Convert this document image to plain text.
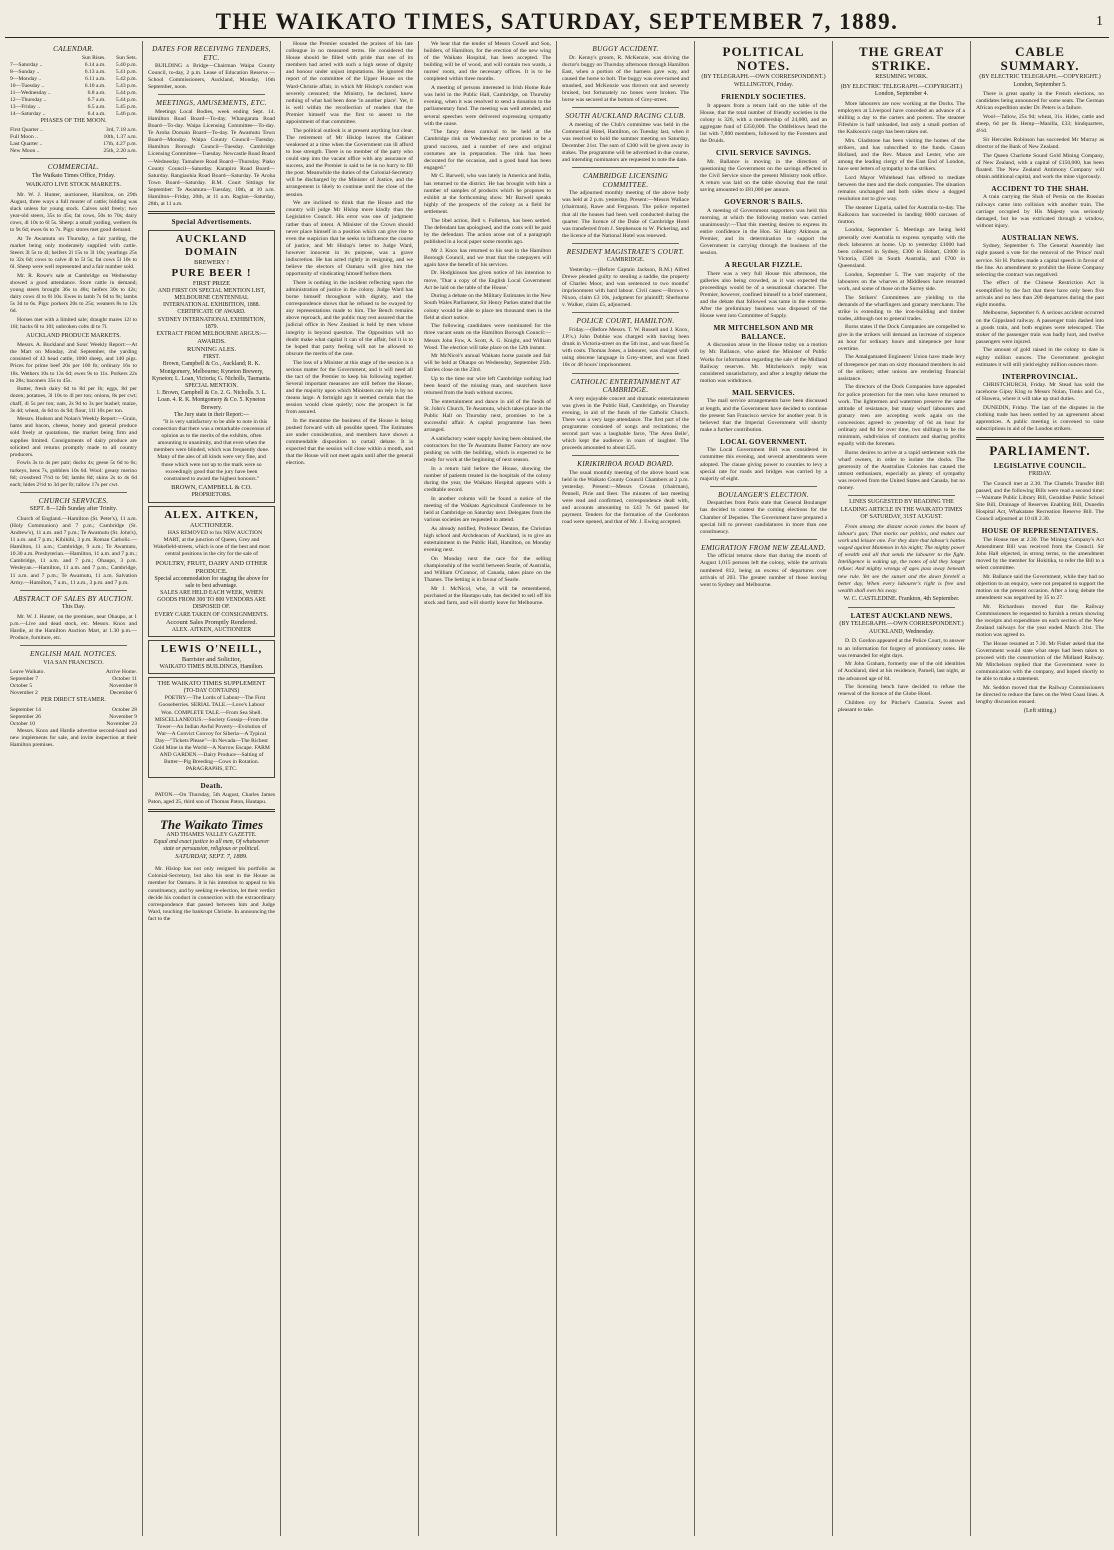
THE WAIKATO TIMES, SATURDAY, SEPTEMBER 7, 1889.	1
CALENDAR.
	Sun Rises.	Sun Sets.
7—Saturday ..	6.14 a.m.	5.40 p.m.
8—Sunday ..	6.13 a.m.	5.41 p.m.
9—Monday ..	6.11 a.m.	5.42 p.m.
10—Tuesday ..	6.10 a.m.	5.43 p.m.
11—Wednesday ..	6.8 a.m.	5.44 p.m.
12—Thursday ..	6.7 a.m.	5.44 p.m.
13—Friday ..	6.5 a.m.	5.45 p.m.
14—Saturday ..	6.4 a.m.	5.46 p.m.
PHASES OF THE MOON.
First Quarter ..	3rd, 7.18 a.m.
Full Moon ..	10th, 1.37 a.m.
Last Quarter ..	17th, 4.27 p.m.
New Moon ..	25th, 2.20 a.m.
COMMERCIAL.
The Waikato Times Office, Friday.
WAIKATO LIVE STOCK MARKETS.

Mr. W. J. Hunter, auctioneer, Hamilton, on 29th August, three ways a full muster of cattle; bidding was slack unless for young stock. Calves sold freely; two year-old steers, 35s to 45s; fat cows, 50s to 70s; dairy cows, 4l 10s to 6l 5s. Sheep: a small yarding, wethers 8s to 9s 6d; ewes 6s to 7s. Pigs: stores met good demand.

At Te Awamutu on Thursday, a fair yarding, the market being only moderately supplied with cattle. Steers 3l 5s to 4l; heifers 2l 15s to 3l 10s; yearlings 25s to 32s 6d; cows to calve 4l to 5l 5s; fat cows 5l 10s to 6l. Sheep were well represented and a fair number sold.

Mr. R. Rowe's sale at Cambridge on Wednesday showed a good attendance. Store cattle in demand; young steers brought 36s to 48s; heifers 30s to 42s; dairy cows 4l to 6l 10s. Ewes in lamb 7s 6d to 9s; lambs 5s 3d to 6s. Pigs: porkers 20s to 25s; weaners 8s to 12s 6d.

Horses met with a limited sale; draught mares 12l to 16l; hacks 6l to 10l; unbroken colts 4l to 7l.

AUCKLAND PRODUCE MARKETS.

Messrs. A. Buckland and Sons' Weekly Report:—At the Mart on Monday, 2nd September, the yarding consisted of 43 head cattle, 1000 sheep, and 140 pigs. Prices for prime beef 20s per 100 lb; ordinary 16s to 18s. Wethers 10s to 13s 6d; ewes 9s to 11s. Porkers 22s to 28s; baconers 35s to 45s.

Butter, fresh dairy 6d to 8d per lb; eggs, 8d per dozen; potatoes, 3l 10s to 4l per ton; onions, 8s per cwt; chaff, 4l 5s per ton; oats, 2s 9d to 3s per bushel; maize, 3s 4d; wheat, 4s 6d to 4s 9d; flour, 11l 10s per ton.

Messrs. Hudson and Nolan's Weekly Report:—Grain, hams and bacon, cheese, honey and general produce sold freely at quotations, the market being firm and supplies limited. Consignments of dairy produce are solicited and returns promptly made to all country producers.

Fowls 3s to 4s per pair; ducks 4s; geese 5s 6d to 6s; turkeys, hens 7s, gobblers 10s 6d. Wool: greasy merino 8d; crossbred 7½d to 9d; lambs 8d; skins 2s to 4s 6d each; hides 2½d to 3d per lb; tallow 17s per cwt.

CHURCH SERVICES.
SEPT. 8—12th Sunday after Trinity.

Church of England.—Hamilton (St. Peter's), 11 a.m. (Holy Communion) and 7 p.m.; Cambridge (St. Andrew's), 11 a.m. and 7 p.m.; Te Awamutu (St. John's), 11 a.m. and 7 p.m.; Kihikihi, 3 p.m. Roman Catholic.—Hamilton, 11 a.m.; Cambridge, 9 a.m.; Te Awamutu, 10.30 a.m. Presbyterian.—Hamilton, 11 a.m. and 7 p.m.; Cambridge, 11 a.m. and 7 p.m.; Ohaupo, 3 p.m. Wesleyan.—Hamilton, 11 a.m. and 7 p.m.; Cambridge, 11 a.m. and 7 p.m.; Te Awamutu, 11 a.m. Salvation Army.—Hamilton, 7 a.m., 11 a.m., 3 p.m. and 7 p.m.

ABSTRACT OF SALES BY AUCTION.
This Day.

Mr. W. J. Hunter, on the premises, near Ohaupo, at 1 p.m.—Live and dead stock, etc. Messrs. Knox and Hardie, at the Hamilton Auction Mart, at 1.30 p.m.—Produce, furniture, etc.

ENGLISH MAIL NOTICES.
VIA SAN FRANCISCO.
Leave Waikato.	Arrive Home.
September 7	October 11
October 5	November 8
November 2	December 6
PER DIRECT STEAMER.
September 14	October 28
September 26	November 9
October 10	November 23

Messrs. Knox and Hardie advertise second-hand and new implements for sale, and invite inspection at their Hamilton premises.

DATES FOR RECEIVING TENDERS, ETC.

BUILDING a Bridge—Chairman Waipa County Council, to-day, 2 p.m. Lease of Education Reserve.—School Commissioners, Auckland, Monday, 16th September, noon.

MEETINGS, AMUSEMENTS, ETC.

Meetings Local Bodies, week ending Sept. 14. Hamilton Road Board—To-day. Whangarata Road Board—To-day. Waipa Licensing Committee—To-day. Te Aroha Domain Board—To-day. Te Awamutu Town Board—Monday. Waipa County Council—Tuesday. Hamilton Borough Council—Tuesday. Cambridge Licensing Committee—Tuesday. Newcastle Road Board—Wednesday. Tamahere Road Board—Thursday. Piako County Council—Saturday. Karapiro Road Board—Saturday. Rangiaohia Road Board—Saturday. Te Aroha Town Board—Saturday. B.M. Court Sittings for September: Te Awamutu—Tuesday, 10th, at 10 a.m. Hamilton—Friday, 20th, at 11 a.m. Raglan—Saturday, 28th, at 11 a.m.

Special Advertisements.
AUCKLAND DOMAIN
BREWERY !
PURE BEER !
FIRST PRIZE
AND FIRST ON SPECIAL MENTION LIST,
MELBOURNE CENTENNIAL INTERNATIONAL EXHIBITION, 1888.
CERTIFICATE OF AWARD.
SYDNEY INTERNATIONAL EXHIBITION, 1879.
EXTRACT FROM MELBOURNE ARGUS:—
AWARDS.
RUNNING ALES.
FIRST.
Brown, Campbell & Co., Auckland; R. K. Montgomery, Melbourne; Kyneton Brewery, Kyneton; L. Loan, Victoria; G. Nicholls, Tasmania.
SPECIAL MENTION.
1. Brown, Campbell & Co. 2. G. Nicholls. 3. L. Loan. 4. R. K. Montgomery & Co. 5. Kyneton Brewery.
The Jury state in their Report:—

"It is very satisfactory to be able to note in this connection that there was a remarkable concensus of opinion as to the merits of the exhibits, often amounting to unanimity, and that even when the members were blinded, which was frequently done. Many of the ales of all kinds were very fine, and those which were not up to the mark were so exceedingly good that the jury have been constrained to award the highest honours."

BROWN, CAMPBELL & CO.
PROPRIETORS.
ALEX. AITKEN,
AUCTIONEER.

HAS REMOVED to his NEW AUCTION MART, at the junction of Queen, Grey and Wakefield-streets, which is one of the best and most central positions in the city for the sale of

POULTRY, FRUIT, DAIRY AND OTHER PRODUCE.
Special accommodation for staging the above for sale to best advantage.
SALES ARE HELD EACH WEEK, WHEN GOODS FROM 300 TO 800 VENDORS ARE DISPOSED OF.
EVERY CARE TAKEN OF CONSIGNMENTS.
Account Sales Promptly Rendered.
ALEX. AITKEN, AUCTIONEER
LEWIS O'NEILL,
Barrister and Solicitor,
WAIKATO TIMES BUILDINGS, Hamilton.
THE WAIKATO TIMES SUPPLEMENT
(TO-DAY CONTAINS)

POETRY.—The Lords of Labour—The First Gooseberries. SERIAL TALE.—Love's Labour Won. COMPLETE TALE.—From Sea Shell. MISCELLANEOUS.—Society Gossip—From the Tower—An Indian Awful Poverty—Evolution of War—A Convict Convoy for Siberia—A Typical Day—"Tickets Please"—In Nevada—The Richest Gold Mine in the World—A Narrow Escape. FARM AND GARDEN.—Dairy Produce—Salting of Butter—Pig Breeding—Cows in Rotation. PARAGRAPHS, ETC.

Death.

PATON.—On Thursday, 5th August, Charles James Paton, aged 25, third son of Thomas Paton, Hautapu.

The Waikato Times
AND THAMES VALLEY GAZETTE.
Equal and exact justice to all men, Of whatsoever state or persuasion, religious or political.
SATURDAY, SEPT. 7, 1889.

Mr. Hislop has not only resigned his portfolio as Colonial-Secretary, but also his seat in the House as member for Oamaru. It is his intention to appeal to his constituency, and by seeking re-election, let their verdict decide his conduct in connection with the extraordinary correspondence that passed between him and Judge Ward, touching the bankrupt Christie. In announcing the fact to the

House the Premier sounded the praises of his late colleague in no measured terms. He considered the House should be filled with pride that one of its members had acted with such a high sense of dignity and honour under unjust imputations. He ignored the report of the committee of the Upper House on the Ward-Christie affair, in which Mr Hislop's conduct was severely censured; the Ministry, he declared, knew nothing of what had been done 'in another place'. Yet, it is well within the recollection of readers that the Premier himself was the first to assent to the appointment of that committee.

The political outlook is at present anything but clear. The retirement of Mr Hislop leaves the Cabinet weakened at a time when the Government can ill afford to lose strength. There is no member of the party who could step into the vacant office with any assurance of success, and the Premier is said to be in no hurry to fill the post. Meanwhile the duties of the Colonial-Secretary will be discharged by the Minister of Justice, and the arrangement is likely to continue until the close of the session.

We are inclined to think that the House and the country will judge Mr Hislop more kindly than the Legislative Council. His error was one of judgment rather than of intent. A Minister of the Crown should never place himself in a position which can give rise to even the suspicion that he seeks to influence the course of justice, and Mr Hislop's letter to Judge Ward, however innocent in its purpose, was a grave indiscretion. He has acted rightly in resigning, and we believe the electors of Oamaru will give him the opportunity of vindicating himself before them.

There is nothing in the incident reflecting upon the administration of justice in the colony. Judge Ward has borne himself throughout with dignity, and the correspondence shows that he refused to be swayed by any representations made to him. The Bench remains above reproach, and the public may rest assured that the judicial office in New Zealand is held by men whose integrity is beyond question. The Opposition will no doubt make what capital it can of the affair, but it is to be hoped that party feeling will not be allowed to obscure the merits of the case.

The loss of a Minister at this stage of the session is a serious matter for the Government, and it will need all the tact of the Premier to keep his following together. Several important measures are still before the House, and the majority upon which Ministers can rely is by no means large. A fortnight ago it seemed certain that the session would close quietly; now the prospect is far from assured.

In the meantime the business of the House is being pushed forward with all possible speed. The Estimates are under consideration, and members have shown a commendable disposition to curtail debate. It is expected that the session will close within a month, and that the House will not meet again until after the general election.

We hear that the tender of Messrs Cowell and Son, builders, of Hamilton, for the erection of the new wing of the Waikato Hospital, has been accepted. The building will be of wood, and will contain two wards, a nurses' room, and the necessary offices. It is to be completed within three months.

A meeting of persons interested in Irish Home Rule was held in the Public Hall, Cambridge, on Thursday evening, when it was resolved to send a donation to the parliamentary fund. The meeting was well attended, and several speeches were delivered expressing sympathy with the cause.

"The fancy dress carnival to be held at the Cambridge rink on Wednesday next promises to be a grand success, and a number of new and original costumes are in preparation. The rink has been decorated for the occasion, and a good band has been engaged."

Mr C. Barwell, who was lately in America and India, has returned to the district. He has brought with him a number of samples of products which he proposes to exhibit at the forthcoming show. Mr Barwell speaks highly of the prospects of the colony as a field for settlement.

The libel action, Bell v. Fullerton, has been settled. The defendant has apologised, and the costs will be paid by the defendant. The action arose out of a paragraph published in a local paper some months ago.

Mr J. Knox has returned to his seat in the Hamilton Borough Council, and we trust that the ratepayers will again have the benefit of his services.

Dr. Hodgkinson has given notice of his intention to move, 'That a copy of the English Local Government Act be laid on the table of the House.'

During a debate on the Military Estimates in the New South Wales Parliament, Sir Henry Parkes stated that the colony would be able to place ten thousand men in the field at short notice.

The following candidates were nominated for the three vacant seats on the Hamilton Borough Council:—Messrs John Fow, A. Scott, A. G. Knight, and William Wood. The election will take place on the 12th instant.

Mr McNicol's annual Waikato horse parade and fair will be held at Ohaupo on Wednesday, September 25th. Entries close on the 23rd.

Up to the time our wire left Cambridge nothing had been heard of the missing man, and searchers have returned from the bush without success.

The entertainment and dance in aid of the funds of St. John's Church, Te Awamutu, which takes place in the Public Hall on Thursday next, promises to be a successful affair. A capital programme has been arranged.

A satisfactory water supply having been obtained, the contractors for the Te Awamutu Butter Factory are now pushing on with the building, which is expected to be ready for work at the beginning of next season.

In a return laid before the House, showing the number of patients treated in the hospitals of the colony during the year, the Waikato Hospital appears with a creditable record.

In another column will be found a notice of the meeting of the Waikato Agricultural Conference to be held at Cambridge on Saturday next. Delegates from the various societies are requested to attend.

As already notified, Professor Denton, the Christian high school and Archdeacon of Auckland, is to give an entertainment in the Public Hall, Hamilton, on Monday evening next.

On Monday next the race for the selling championship of the world between Searle, of Australia, and William O'Connor, of Canada, takes place on the Thames. The betting is in favour of Searle.

Mr J. McNicol, who, it will be remembered, purchased at the Hautapu sale, has decided to sell off his stock and farm, and will shortly leave for Melbourne.

BUGGY ACCIDENT.

Dr. Kenny's groom, R. McKenzie, was driving the doctor's buggy on Thursday afternoon through Hamilton East, when a portion of the harness gave way, and caused the horse to bolt. The buggy was over-turned and smashed, and McKenzie was thrown out and severely bruised, but fortunately no bones were broken. The horse was secured at the bottom of Grey-street.

SOUTH AUCKLAND RACING CLUB.

A meeting of the Club's committee was held in the Commercial Hotel, Hamilton, on Tuesday last, when it was resolved to hold the summer meeting on Saturday, December 21st. The sum of £300 will be given away in stakes. The programme will be advertised in due course, and intending nominators are requested to note the date.

CAMBRIDGE LICENSING COMMITTEE.

The adjourned monthly meeting of the above body was held at 2 p.m. yesterday. Present:—Messrs Wallace (chairman), Rawe and Ferguson. The police reported that all the houses had been well conducted during the quarter. The licence of the Duke of Cambridge Hotel was transferred from J. Stephenson to W. Pickering, and the licence of the National Hotel was renewed.

RESIDENT MAGISTRATE'S COURT.
CAMBRIDGE.

Yesterday.—(Before Captain Jackson, R.M.) Alfred Drewe pleaded guilty to stealing a saddle, the property of Charles Moor, and was sentenced to two months' imprisonment with hard labour. Civil cases:—Brown v. Nixon, claim £3 10s, judgment for plaintiff; Sherburne v. Walker, claim £5, adjourned.

POLICE COURT, HAMILTON.

Friday.—(Before Messrs. T. W. Russell and J. Knox, J.P.'s.) John Dobbie was charged with having been drunk in Victoria-street on the 5th inst., and was fined 5s with costs. Thomas Jones, a labourer, was charged with using obscene language in Grey-street, and was fined 10s or 48 hours' imprisonment.

CATHOLIC ENTERTAINMENT AT CAMBRIDGE.

A very enjoyable concert and dramatic entertainment was given in the Public Hall, Cambridge, on Thursday evening, in aid of the funds of the Catholic Church. There was a very large attendance. The first part of the programme consisted of songs and recitations; the second part was a laughable farce, 'The Area Belle', which kept the audience in roars of laughter. The proceeds amounted to about £25.

KIRIKIRIROA ROAD BOARD.

The usual monthly meeting of the above board was held in the Waikato County Council Chambers at 2 p.m. yesterday. Present:—Messrs Cowan (chairman), Pennell, Pirie and Beer. The minutes of last meeting were read and confirmed, correspondence dealt with, and accounts amounting to £43 7s 6d passed for payment. Tenders for the formation of the Gordonton road were opened, and that of Mr. J. Ewing accepted.

POLITICAL NOTES.
(BY TELEGRAPH.—OWN CORRESPONDENT.) WELLINGTON, Friday.
FRIENDLY SOCIETIES.

It appears from a return laid on the table of the House, that the total number of friendly societies in the colony is 326, with a membership of 24,000, and an aggregate fund of £350,000. The Oddfellows head the list with 7,800 members, followed by the Foresters and the Druids.

CIVIL SERVICE SAVINGS.

Mr. Ballance is moving in the direction of questioning the Government on the savings effected in the Civil Service since the present Ministry took office. A return was laid on the table showing that the total saving amounted to £81,000 per annum.

GOVERNOR'S BAILS.

A meeting of Government supporters was held this morning, at which the following motion was carried unanimously:—That this meeting desires to express its entire confidence in the Hon. Sir Harry Atkinson as Premier, and its determination to support the Government in carrying through the business of the session.

A REGULAR FIZZLE.

There was a very full House this afternoon, the galleries also being crowded, as it was expected the proceedings would be of a sensational character. The Premier, however, confined himself to a brief statement, and the debate that followed was tame in the extreme. After the preliminary business was disposed of the House went into Committee of Supply.

MR MITCHELSON AND MR BALLANCE.

A discussion arose in the House today on a motion by Mr. Ballance, who asked the Minister of Public Works for information regarding the sale of the Midland Railway reserves. Mr. Mitchelson's reply was considered unsatisfactory, and after a lengthy debate the motion was withdrawn.

MAIL SERVICES.

The mail service arrangements have been discussed at length, and the Government have decided to continue the present San Francisco service for another year. It is believed that the Imperial Government will shortly make a further contribution.

LOCAL GOVERNMENT.

The Local Government Bill was considered in committee this evening, and several amendments were adopted. The clause giving power to counties to levy a special rate for roads and bridges was carried by a majority of eight.

BOULANGER'S ELECTION.

Despatches from Paris state that General Boulanger has decided to contest the coming elections for the Chamber of Deputies. The Government have prepared a special bill to prevent candidatures in more than one constituency.

EMIGRATION FROM NEW ZEALAND.

The official returns show that during the month of August 1,015 persons left the colony, while the arrivals numbered 812, being an excess of departures over arrivals of 203. The greater number of those leaving went to Sydney and Melbourne.

THE GREAT STRIKE.
RESUMING WORK.
(BY ELECTRIC TELEGRAPH.—COPYRIGHT.) London, September 4.

More labourers are now working at the Docks. The employers at Liverpool have conceded an advance of a shilling a day to the carters and porters. The steamer Fifeshire is half unloaded, but only a small portion of the Kaikoura's cargo has been taken out.

Mrs. Gladstone has been visiting the homes of the strikers, and has subscribed to the funds. Canon Holland, and the Rev. Mason and Lester, who are among the leading clergy of the East End of London, have sent letters of sympathy to the strikers.

Lord Mayor Whitehead has offered to mediate between the men and the dock companies. The situation remains unchanged and both sides show a dogged resolution not to give way.

The steamer Liguria, sailed for Australia to-day. The Kaikoura has succeeded in landing 6000 carcases of mutton.

London, September 5. Meetings are being held generally over Australia to express sympathy with the dock labourers at home. Up to yesterday £1000 had been collected in Sydney, £300 in Hobart, £3000 in Victoria, £500 in South Australia, and £700 in Queensland.

London, September 5. The vast majority of the labourers on the wharves at Middlesex have resumed work, and some of those on the Surrey side.

The Strikers' Committees are yielding to the demands of the wharfingers and granary merchants. The strike is extending to the iron-building and timber trades, although not to general trades.

Burns states if the Dock Companies are compelled to give in the strikers will demand an increase of sixpence an hour for ordinary hours and ninepence per hour overtime.

The Amalgamated Engineers' Union have made levy of threepence per man on sixty thousand members in aid of the strikers; other unions are rendering financial assistance.

The directors of the Dock Companies have appealed for police protection for the men who have returned to work. The lightermen and watermen preserve the same attitude of resistance, but many wharf labourers and granary men are accepting work again on the concessions agreed to yesterday of 6d an hour for ordinary and 8d for over time, two shillings to be the minimum, subdivision of contracts and sharing profits equally with the foremen.

Burns desires to arrive at a rapid settlement with the wharf owners, in order to isolate the docks. The generosity of the Australian Colonies has caused the utmost enthusiasm, especially as plenty of sympathy was received from the United States and Canada, but no money.

LINES SUGGESTED BY READING THE LEADING ARTICLE IN THE WAIKATO TIMES OF SATURDAY, 31ST AUGUST.

From among the distant ocean comes the boom of labour's gun; That mocks our politics, and makes our work and leisure one. For they dare that labour's battles waged against Mammon in his might; The mighty power of wealth and all that sends the labourer to the fight. Intelligence is waking up, the notes of old they longer refuse; And mighty wrongs of ages pass away beneath new rule. Yet see the sunset and the dawn foretell a better day, When every labourer's right is free and wealth shall own his sway.

W. C. CASTLEDINE. Frankton, 4th September.
LATEST AUCKLAND NEWS.
(BY TELEGRAPH.—OWN CORRESPONDENT.) AUCKLAND, Wednesday.

D. D. Gordon appeared at the Police Court, to answer to an information for forgery of promissory notes. He was remanded for eight days.

Mr John Graham, formerly one of the old identities of Auckland, died at his residence, Parnell, last night, at the advanced age of 84.

The licensing bench have decided to refuse the renewal of the licence of the Globe Hotel.

Children cry for Pitcher's Castoria. Sweet and pleasant to take.

CABLE SUMMARY.
(BY ELECTRIC TELEGRAPH.—COPYRIGHT.) London, September 5.

There is great apathy in the French elections, no candidates being announced for some seats. The German African expedition under Dr. Peters is a failure.

Wool—Tallow, 25s 9d; wheat, 31s. Hides, cattle and sheep, 6d per lb. Hemp—Manilla, £33; hindquarters, 4½d.

Sir Hercules Robinson has succeeded Mr Murray as director of the Bank of New Zealand.

The Queen Charlotte Sound Gold Mining Company, of New Zealand, with a capital of £150,000, has been floated. The New Zealand Antimony Company will obtain additional capital, and work the mine vigorously.

ACCIDENT TO THE SHAH.

A train carrying the Shah of Persia on the Russian railways came into collision with another train. The carriage occupied by His Majesty was seriously damaged, but he was extricated through a window, without injury.

AUSTRALIAN NEWS.

Sydney, September 6. The General Assembly last night passed a vote for the removal of the 'Prince' mail service. Sir H. Parkes made a capital speech in favour of the line. An amendment to prohibit the Home Company selecting the contract was negatived.

The effect of the Chinese Restriction Act is exemplified by the fact that there have only been five arrivals and no less than 200 departures during the past eight months.

Melbourne, September 6. A serious accident occurred on the Gippsland railway. A passenger train dashed into a goods train, and both engines were telescoped. The stoker of the passenger train was badly hurt, and twelve passengers were injured.

The amount of gold raised in the colony to date is eighty million ounces. The Government geologist estimates it will still yield eighty million ounces more.

INTERPROVINCIAL.

CHRISTCHURCH, Friday. Mr Stead has sold the racehorse Gipsy King to Messrs Nolan, Tonks and Co., of Hawera, where it will take up stud duties.

DUNEDIN, Friday. The last of the disputes in the clothing trade has been settled by an agreement about apprentices. A public meeting is convened to raise subscriptions in aid of the London strikers.

PARLIAMENT.
LEGISLATIVE COUNCIL.
FRIDAY.

The Council met at 2.30. The Chattels Transfer Bill passed, and the following Bills were read a second time:—Waimate Public Library Bill, Geraldine Public School Site Bill, Drainage of Reserves Enabling Bill, Dunedin Hospital Act, Whakatane Recreation Reserve Bill. The Council adjourned at 10 till 2.30.

HOUSE OF REPRESENTATIVES.

The House met at 2.30. The Mining Company's Act Amendment Bill was received from the Council. Sir John Hall objected, in strong terms, to the amendment moved by the member for Hokitika, to refer the Bill to a select committee.

Mr. Ballance said the Government, while they had no objection to an enquiry, were not prepared to support the motion on the present occasion. After a long debate the amendment was negatived by 35 to 27.

Mr. Richardson moved that the Railway Commissioners be requested to furnish a return showing the receipts and expenditure on each section of the New Zealand railways for the year ended March 31st. The motion was agreed to.

The House resumed at 7.30. Mr Fisher asked that the Government would state what steps had been taken to proceed with the construction of the Midland Railway. Mr Mitchelson replied that the Government were in communication with the company, and hoped shortly to be able to make a statement.

Mr. Seddon moved that the Railway Commissioners be directed to reduce the fares on the West Coast lines. A lengthy discussion ensued.

(Left sitting.)
